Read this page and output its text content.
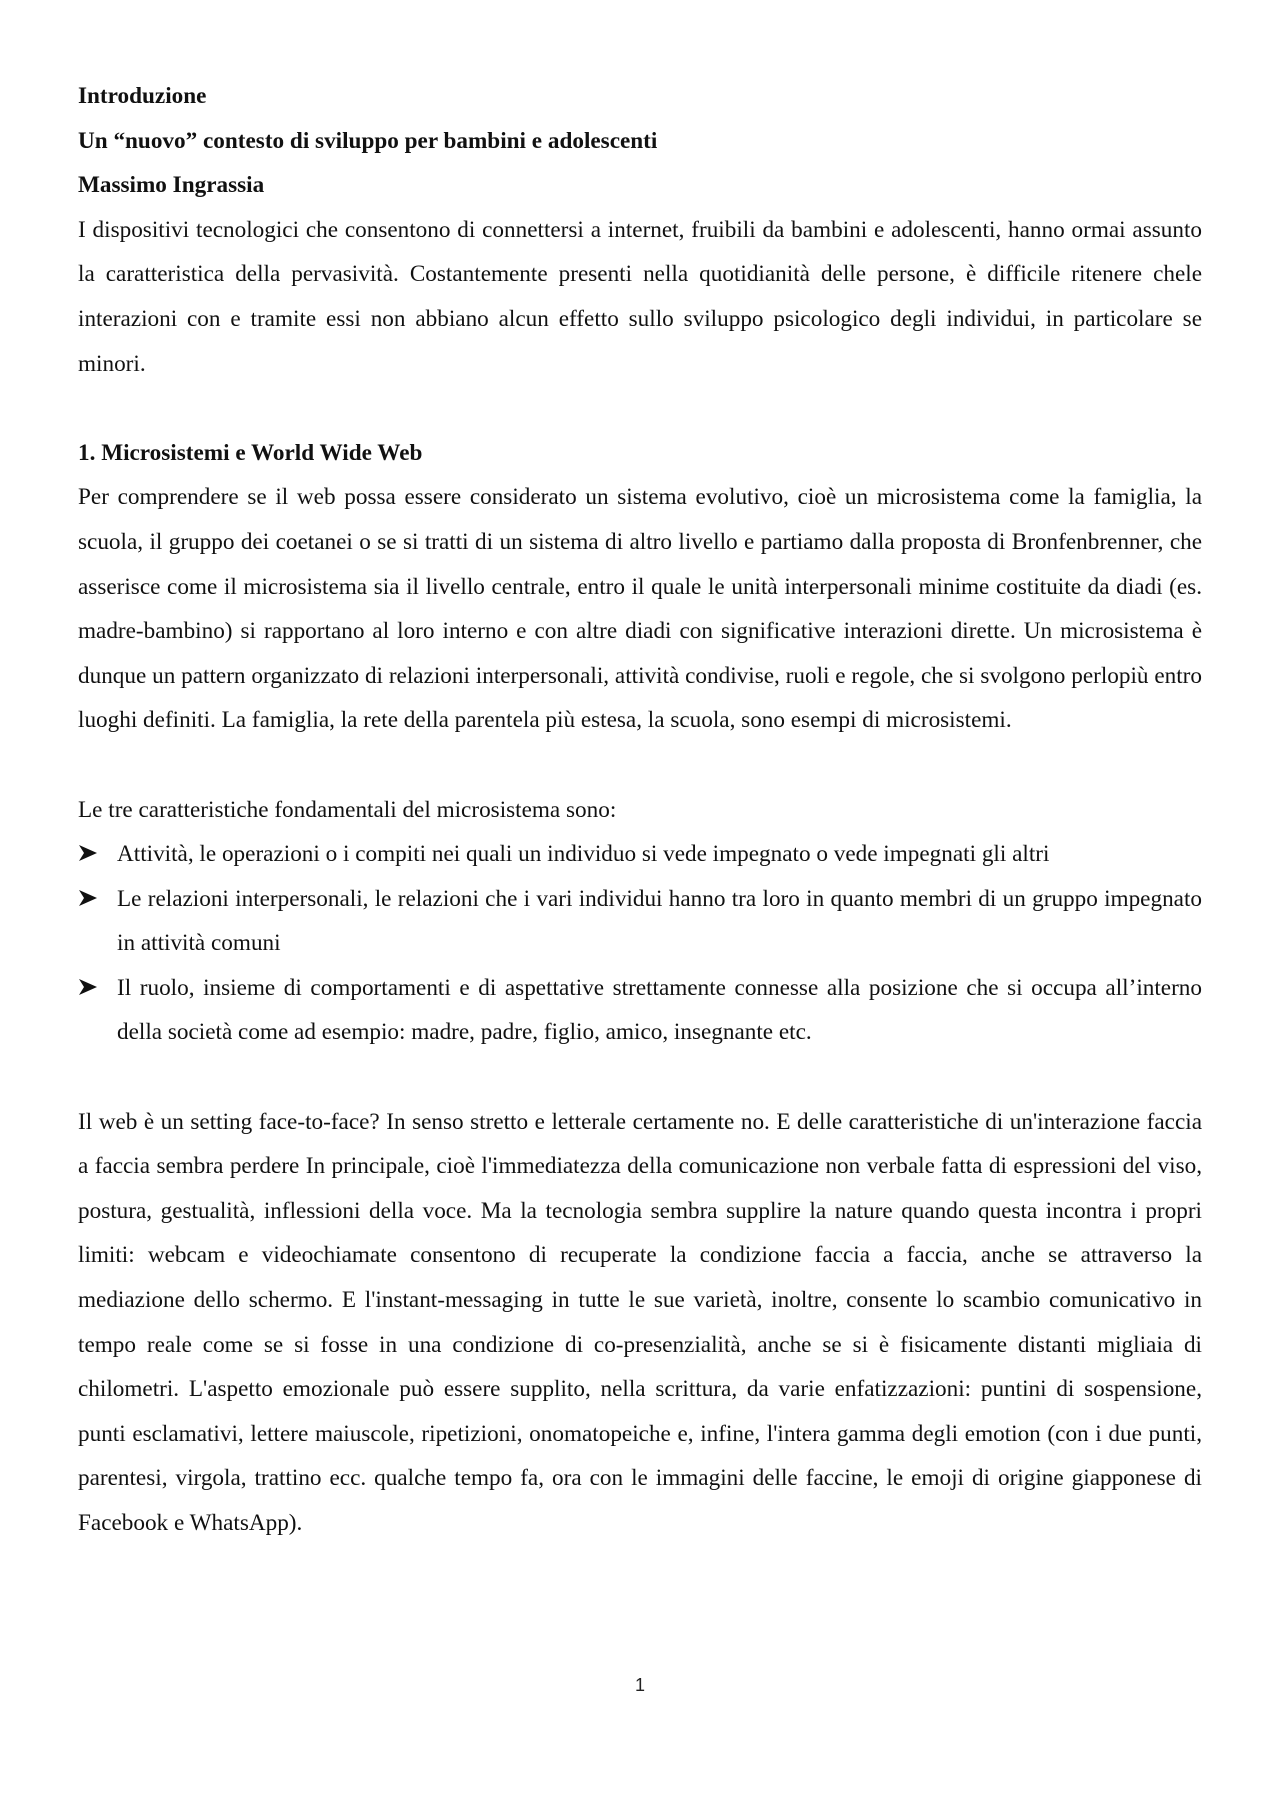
Introduzione
Un “nuovo” contesto di sviluppo per bambini e adolescenti
Massimo Ingrassia

I dispositivi tecnologici che consentono di connettersi a internet, fruibili da bambini e adolescenti, hanno ormai assunto la caratteristica della pervasività. Costantemente presenti nella quotidianità delle persone, è difficile ritenere chele interazioni con e tramite essi non abbiano alcun effetto sullo sviluppo psicologico degli individui, in particolare se minori.

1. Microsistemi e World Wide Web

Per comprendere se il web possa essere considerato un sistema evolutivo, cioè un microsistema come la famiglia, la scuola, il gruppo dei coetanei o se si tratti di un sistema di altro livello e partiamo dalla proposta di Bronfenbrenner, che asserisce come il microsistema sia il livello centrale, entro il quale le unità interpersonali minime costituite da diadi (es. madre-bambino) si rapportano al loro interno e con altre diadi con significative interazioni dirette. Un microsistema è dunque un pattern organizzato di relazioni interpersonali, attività condivise, ruoli e regole, che si svolgono perlopiù entro luoghi definiti. La famiglia, la rete della parentela più estesa, la scuola, sono esempi di microsistemi.

Le tre caratteristiche fondamentali del microsistema sono:

Attività, le operazioni o i compiti nei quali un individuo si vede impegnato o vede impegnati gli altri
Le relazioni interpersonali, le relazioni che i vari individui hanno tra loro in quanto membri di un gruppo impegnato in attività comuni
Il ruolo, insieme di comportamenti e di aspettative strettamente connesse alla posizione che si occupa all’interno della società come ad esempio: madre, padre, figlio, amico, insegnante etc.

Il web è un setting face-to-face? In senso stretto e letterale certamente no. E delle caratteristiche di un'interazione faccia a faccia sembra perdere In principale, cioè l'immediatezza della comunicazione non verbale fatta di espressioni del viso, postura, gestualità, inflessioni della voce. Ma la tecnologia sembra supplire la nature quando questa incontra i propri limiti: webcam e videochiamate consentono di recuperate la condizione faccia a faccia, anche se attraverso la mediazione dello schermo. E l'instant-messaging in tutte le sue varietà, inoltre, consente lo scambio comunicativo in tempo reale come se si fosse in una condizione di co-presenzialità, anche se si è fisicamente distanti migliaia di chilometri. L'aspetto emozionale può essere supplito, nella scrittura, da varie enfatizzazioni: puntini di sospensione, punti esclamativi, lettere maiuscole, ripetizioni, onomatopeiche e, infine, l'intera gamma degli emotion (con i due punti, parentesi, virgola, trattino ecc. qualche tempo fa, ora con le immagini delle faccine, le emoji di origine giapponese di Facebook e WhatsApp).

1
